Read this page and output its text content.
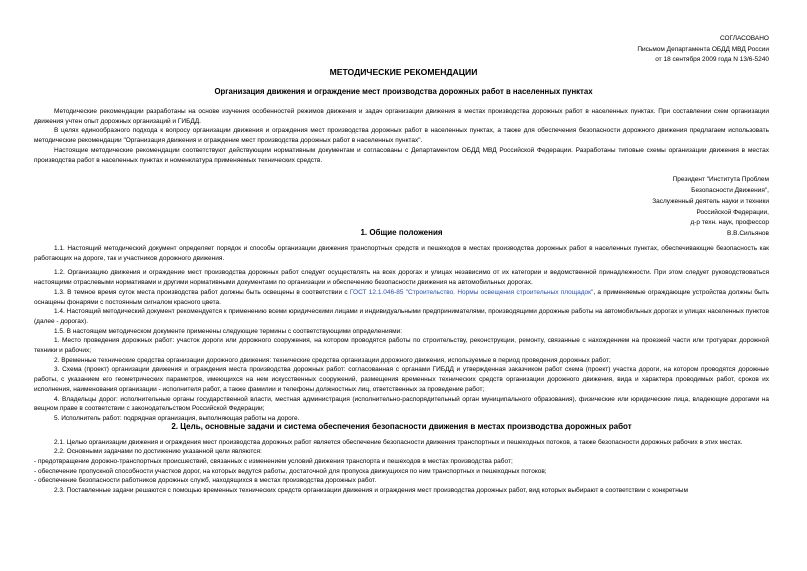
СОГЛАСОВАНО
Письмом Департамента ОБДД МВД России
от 18 сентября 2009 года N 13/6-5240
МЕТОДИЧЕСКИЕ РЕКОМЕНДАЦИИ
Организация движения и ограждение мест производства дорожных работ в населенных пунктах

Методические рекомендации разработаны на основе изучения особенностей режимов движения и задач организации движения в местах производства дорожных работ в населенных пунктах. При составлении схем организации движения учтен опыт дорожных организаций и ГИБДД.

В целях единообразного подхода к вопросу организации движения и ограждения мест производства дорожных работ в населенных пунктах, а также для обеспечения безопасности дорожного движения предлагаем использовать методические рекомендации "Организация движения и ограждение мест производства дорожных работ в населенных пунктах".

Настоящие методические рекомендации соответствуют действующим нормативным документам и согласованы с Департаментом ОБДД МВД Российской Федерации. Разработаны типовые схемы организации движения в местах производства работ в населенных пунктах и номенклатура применяемых технических средств.

Президент "Института Проблем
Безопасности Движения",
Заслуженный деятель науки и техники
Российской Федерации,
д-р техн. наук, профессор
В.В.Сильянов
1. Общие положения

1.1. Настоящий методический документ определяет порядок и способы организации движения транспортных средств и пешеходов в местах производства дорожных работ в населенных пунктах, обеспечивающие безопасность как работающих на дороге, так и участников дорожного движения.

1.2. Организацию движения и ограждение мест производства дорожных работ следует осуществлять на всех дорогах и улицах независимо от их категории и ведомственной принадлежности. При этом следует руководствоваться настоящими отраслевыми нормативами и другими нормативными документами по организации и обеспечению безопасности движения на автомобильных дорогах.

1.3. В темное время суток места производства работ должны быть освещены в соответствии с ГОСТ 12.1.046-85 "Строительство. Нормы освещения строительных площадок", а применяемые ограждающие устройства должны быть оснащены фонарями с постоянным сигналом красного цвета.

1.4. Настоящий методический документ рекомендуется к применению всеми юридическими лицами и индивидуальными предпринимателями, производящими дорожные работы на автомобильных дорогах и улицах населенных пунктов (далее - дорогах).

1.5. В настоящем методическом документе применены следующие термины с соответствующими определениями:

1. Место проведения дорожных работ: участок дороги или дорожного сооружения, на котором проводятся работы по строительству, реконструкции, ремонту, связанные с нахождением на проезжей части или тротуарах дорожной техники и рабочих;

2. Временные технические средства организации дорожного движения: технические средства организации дорожного движения, используемые в период проведения дорожных работ;

3. Схема (проект) организации движения и ограждения места производства дорожных работ: согласованная с органами ГИБДД и утвержденная заказчиком работ схема (проект) участка дороги, на котором проводятся дорожные работы, с указанием его геометрических параметров, имеющихся на нем искусственных сооружений, размещения временных технических средств организации дорожного движения, вида и характера проводимых работ, сроков их исполнения, наименования организации - исполнителя работ, а также фамилии и телефоны должностных лиц, ответственных за проведение работ;

4. Владельцы дорог: исполнительные органы государственной власти, местная администрация (исполнительно-распорядительный орган муниципального образования), физические или юридические лица, владеющие дорогами на вещном праве в соответствии с законодательством Российской Федерации;

5. Исполнитель работ: подрядная организация, выполняющая работы на дороге.

2. Цель, основные задачи и система обеспечения безопасности движения в местах производства дорожных работ

2.1. Целью организации движения и ограждения мест производства дорожных работ является обеспечение безопасности движения транспортных и пешеходных потоков, а также безопасности дорожных рабочих в этих местах.

2.2. Основными задачами по достижению указанной цели являются:

- предотвращение дорожно-транспортных происшествий, связанных с изменением условий движения транспорта и пешеходов в местах производства работ;

- обеспечение пропускной способности участков дорог, на которых ведутся работы, достаточной для пропуска движущихся по ним транспортных и пешеходных потоков;

- обеспечение безопасности работников дорожных служб, находящихся в местах производства дорожных работ.

2.3. Поставленные задачи решаются с помощью временных технических средств организации движения и ограждения мест производства дорожных работ, вид которых выбирают в соответствии с конкретным
